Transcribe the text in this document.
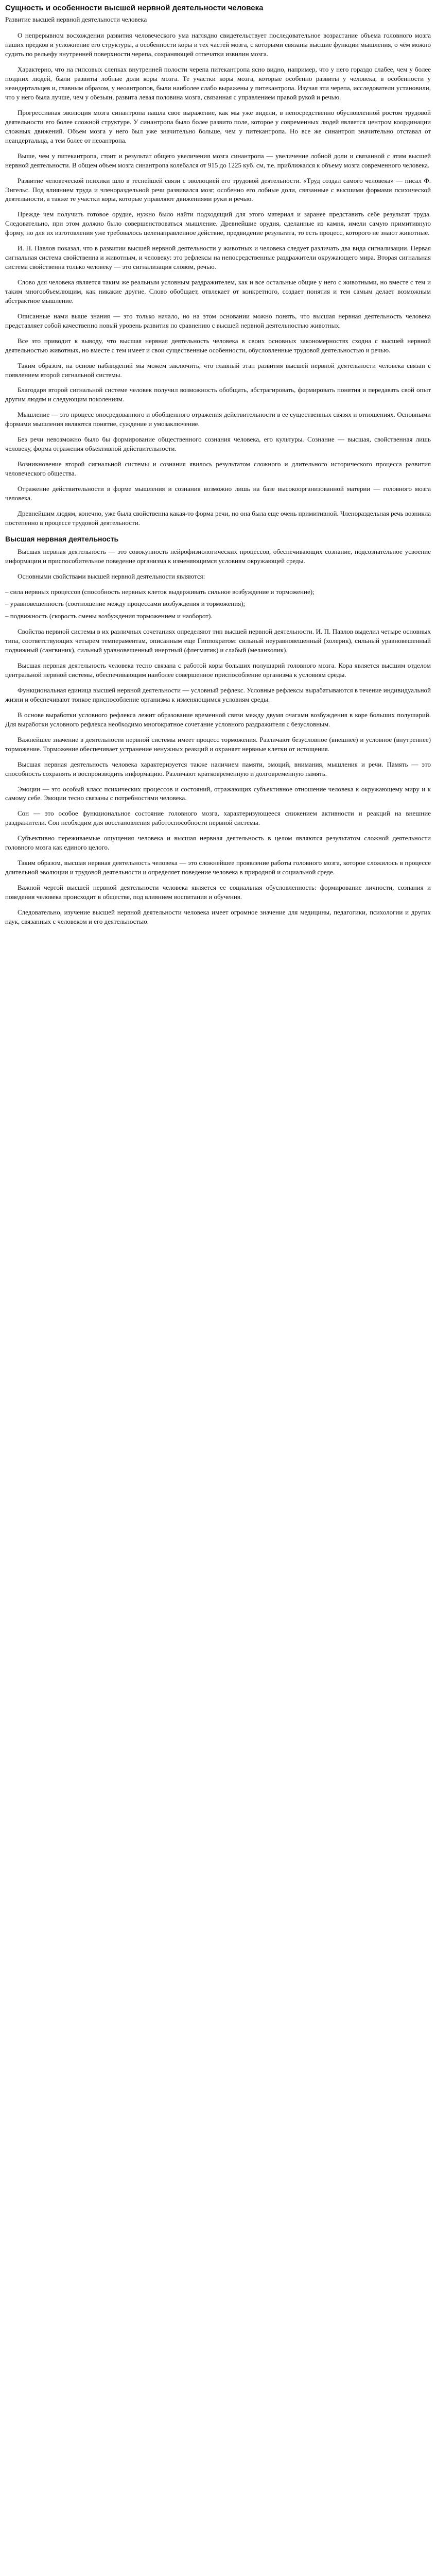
Сущность и особенности высшей нервной деятельности человека
Развитие высшей нервной деятельности человека

О непрерывном восхождении развития человеческого ума наглядно свидетельствует последовательное возрастание объема головного мозга наших предков и усложнение его структуры, а особенности коры и тех частей мозга, с которыми связаны высшие функции мышления, о чём можно судить по рельефу внутренней поверхности черепа, сохраняющей отпечатки извилин мозга.

Характерно, что на гипсовых слепках внутренней полости черепа питекантропа ясно видно, например, что у него гораздо слабее, чем у более поздних людей, были развиты лобные доли коры мозга. Те участки коры мозга, которые особенно развиты у человека, в особенности у неандертальцев и, главным образом, у неоантропов, были наиболее слабо выражены у питекантропа. Изучая эти черепа, исследователи установили, что у него была лучше, чем у обезьян, развита левая половина мозга, связанная с управлением правой рукой и речью.

Прогрессивная эволюция мозга синантропа нашла свое выражение, как мы уже видели, в непосредственно обусловленной ростом трудовой деятельности его более сложной структуре. У синантропа было более развито поле, которое у современных людей является центром координации сложных движений. Объем мозга у него был уже значительно больше, чем у питекантропа. Но все же синантроп значительно отставал от неандертальца, а тем более от неоантропа.

Выше, чем у питекантропа, стоит и результат общего увеличения мозга синантропа — увеличение лобной доли и связанной с этим высшей нервной деятельности. В общем объем мозга синантропа колебался от 915 до 1225 куб. см, т.е. приближался к объему мозга современного человека.

Развитие человеческой психики шло в теснейшей связи с эволюцией его трудовой деятельности. «Труд создал самого человека» — писал Ф. Энгельс. Под влиянием труда и членораздельной речи развивался мозг, особенно его лобные доли, связанные с высшими формами психической деятельности, а также те участки коры, которые управляют движениями руки и речью.

Прежде чем получить готовое орудие, нужно было найти подходящий для этого материал и заранее представить себе результат труда. Следовательно, при этом должно было совершенствоваться мышление. Древнейшие орудия, сделанные из камня, имели самую примитивную форму, но для их изготовления уже требовалось целенаправленное действие, предвидение результата, то есть процесс, которого не знают животные.

И. П. Павлов показал, что в развитии высшей нервной деятельности у животных и человека следует различать два вида сигнализации. Первая сигнальная система свойственна и животным, и человеку: это рефлексы на непосредственные раздражители окружающего мира. Вторая сигнальная система свойственна только человеку — это сигнализация словом, речью.

Слово для человека является таким же реальным условным раздражителем, как и все остальные общие у него с животными, но вместе с тем и таким многообъемлющим, как никакие другие. Слово обобщает, отвлекает от конкретного, создает понятия и тем самым делает возможным абстрактное мышление.

Описанные нами выше знания — это только начало, но на этом основании можно понять, что высшая нервная деятельность человека представляет собой качественно новый уровень развития по сравнению с высшей нервной деятельностью животных.

Все это приводит к выводу, что высшая нервная деятельность человека в своих основных закономерностях сходна с высшей нервной деятельностью животных, но вместе с тем имеет и свои существенные особенности, обусловленные трудовой деятельностью и речью.

Таким образом, на основе наблюдений мы можем заключить, что главный этап развития высшей нервной деятельности человека связан с появлением второй сигнальной системы.

Благодаря второй сигнальной системе человек получил возможность обобщать, абстрагировать, формировать понятия и передавать свой опыт другим людям и следующим поколениям.

Мышление — это процесс опосредованного и обобщенного отражения действительности в ее существенных связях и отношениях. Основными формами мышления являются понятие, суждение и умозаключение.

Без речи невозможно было бы формирование общественного сознания человека, его культуры. Сознание — высшая, свойственная лишь человеку, форма отражения объективной действительности.

Возникновение второй сигнальной системы и сознания явилось результатом сложного и длительного исторического процесса развития человеческого общества.

Отражение действительности в форме мышления и сознания возможно лишь на базе высокоорганизованной материи — головного мозга человека.

Древнейшим людям, конечно, уже была свойственна какая-то форма речи, но она была еще очень примитивной. Членораздельная речь возникла постепенно в процессе трудовой деятельности.

Высшая нервная деятельность

Высшая нервная деятельность — это совокупность нейрофизиологических процессов, обеспечивающих сознание, подсознательное усвоение информации и приспособительное поведение организма к изменяющимся условиям окружающей среды.

Основными свойствами высшей нервной деятельности являются:

– сила нервных процессов (способность нервных клеток выдерживать сильное возбуждение и торможение);
– уравновешенность (соотношение между процессами возбуждения и торможения);
– подвижность (скорость смены возбуждения торможением и наоборот).

Свойства нервной системы в их различных сочетаниях определяют тип высшей нервной деятельности. И. П. Павлов выделил четыре основных типа, соответствующих четырем темпераментам, описанным еще Гиппократом: сильный неуравновешенный (холерик), сильный уравновешенный подвижный (сангвиник), сильный уравновешенный инертный (флегматик) и слабый (меланхолик).

Высшая нервная деятельность человека тесно связана с работой коры больших полушарий головного мозга. Кора является высшим отделом центральной нервной системы, обеспечивающим наиболее совершенное приспособление организма к условиям среды.

Функциональная единица высшей нервной деятельности — условный рефлекс. Условные рефлексы вырабатываются в течение индивидуальной жизни и обеспечивают тонкое приспособление организма к изменяющимся условиям среды.

В основе выработки условного рефлекса лежит образование временной связи между двумя очагами возбуждения в коре больших полушарий. Для выработки условного рефлекса необходимо многократное сочетание условного раздражителя с безусловным.

Важнейшее значение в деятельности нервной системы имеет процесс торможения. Различают безусловное (внешнее) и условное (внутреннее) торможение. Торможение обеспечивает устранение ненужных реакций и охраняет нервные клетки от истощения.

Высшая нервная деятельность человека характеризуется также наличием памяти, эмоций, внимания, мышления и речи. Память — это способность сохранять и воспроизводить информацию. Различают кратковременную и долговременную память.

Эмоции — это особый класс психических процессов и состояний, отражающих субъективное отношение человека к окружающему миру и к самому себе. Эмоции тесно связаны с потребностями человека.

Сон — это особое функциональное состояние головного мозга, характеризующееся снижением активности и реакций на внешние раздражители. Сон необходим для восстановления работоспособности нервной системы.

Субъективно переживаемые ощущения человека и высшая нервная деятельность в целом являются результатом сложной деятельности головного мозга как единого целого.

Таким образом, высшая нервная деятельность человека — это сложнейшее проявление работы головного мозга, которое сложилось в процессе длительной эволюции и трудовой деятельности и определяет поведение человека в природной и социальной среде.

Важной чертой высшей нервной деятельности человека является ее социальная обусловленность: формирование личности, сознания и поведения человека происходит в обществе, под влиянием воспитания и обучения.

Следовательно, изучение высшей нервной деятельности человека имеет огромное значение для медицины, педагогики, психологии и других наук, связанных с человеком и его деятельностью.
